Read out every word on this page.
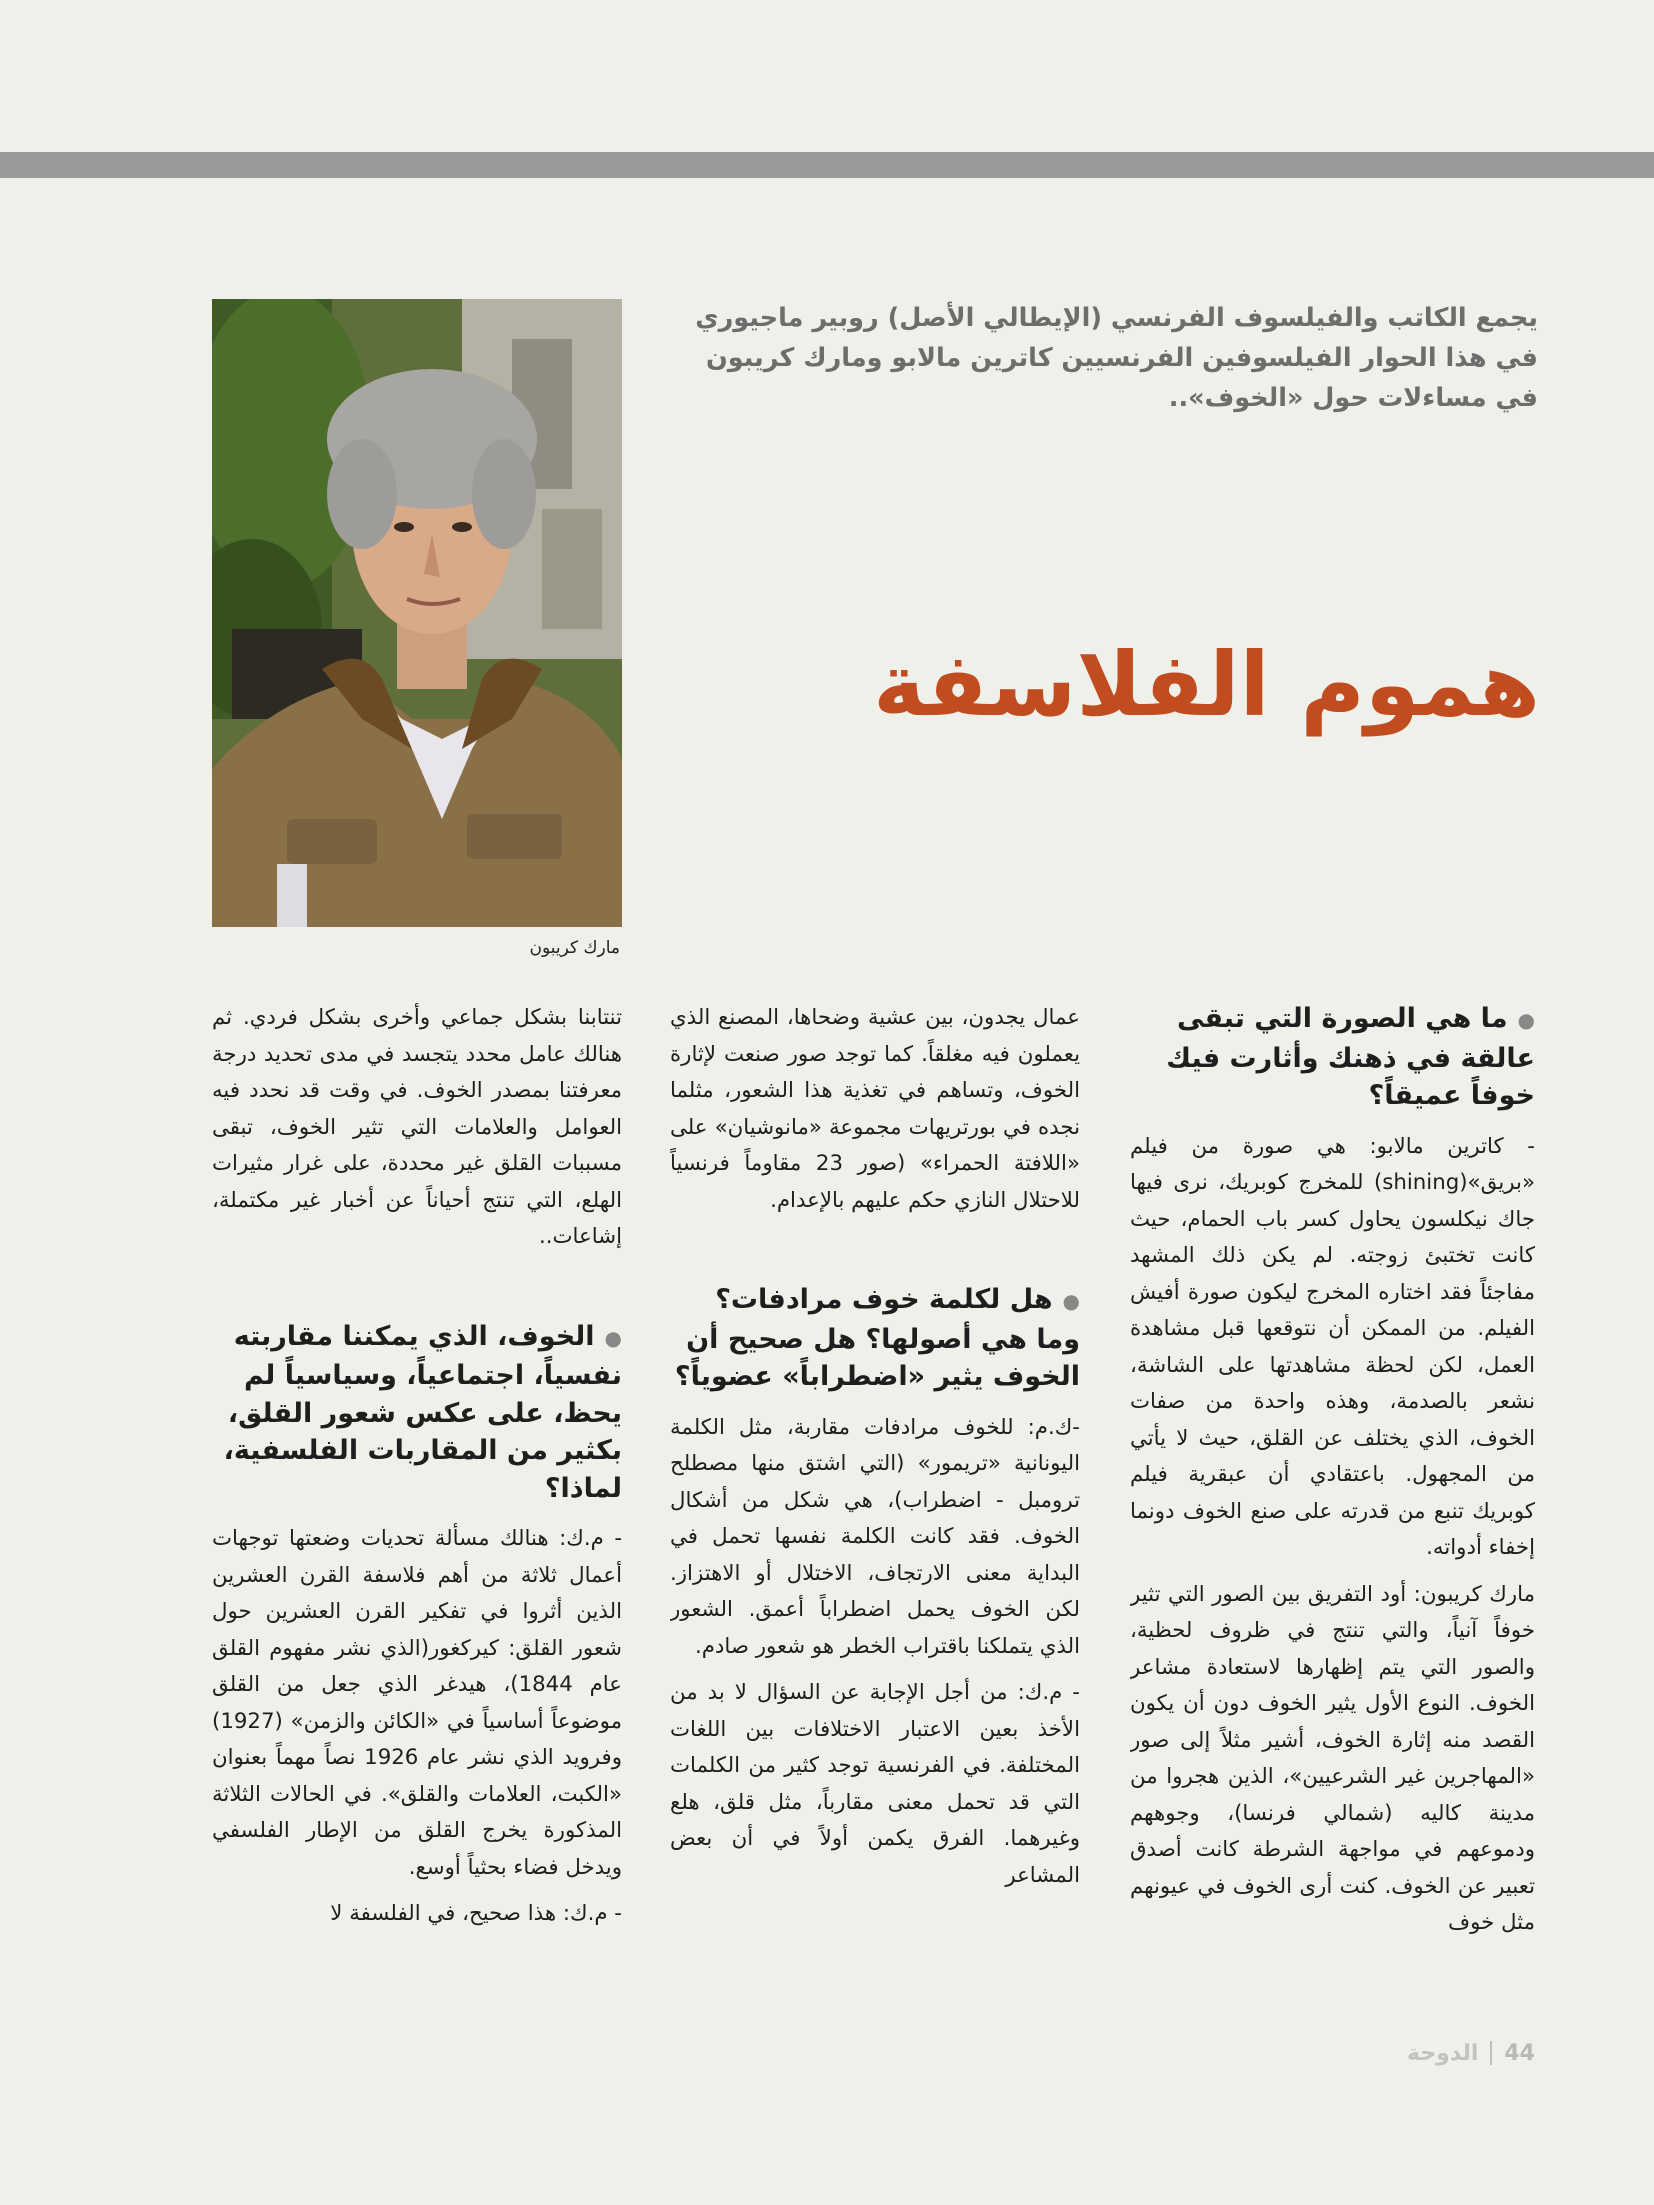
يجمع الكاتب والفيلسوف الفرنسي (الإيطالي الأصل) روبير ماجيوري في هذا الحوار الفيلسوفين الفرنسيين كاترين مالابو ومارك كريبون في مساءلات حول «الخوف»..
هموم الفلاسفة
مارك كريبون

●ما هي الصورة التي تبقى عالقة في ذهنك وأثارت فيك خوفاً عميقاً؟

- كاترين مالابو: هي صورة من فيلم «بريق»(shining) للمخرج كوبريك، نرى فيها جاك نيكلسون يحاول كسر باب الحمام، حيث كانت تختبئ زوجته. لم يكن ذلك المشهد مفاجئاً فقد اختاره المخرج ليكون صورة أفيش الفيلم. من الممكن أن نتوقعها قبل مشاهدة العمل، لكن لحظة مشاهدتها على الشاشة، نشعر بالصدمة، وهذه واحدة من صفات الخوف، الذي يختلف عن القلق، حيث لا يأتي من المجهول. باعتقادي أن عبقرية فيلم كوبريك تنبع من قدرته على صنع الخوف دونما إخفاء أدواته.

مارك كريبون: أود التفريق بين الصور التي تثير خوفاً آنياً، والتي تنتج في ظروف لحظية، والصور التي يتم إظهارها لاستعادة مشاعر الخوف. النوع الأول يثير الخوف دون أن يكون القصد منه إثارة الخوف، أشير مثلاً إلى صور «المهاجرين غير الشرعيين»، الذين هجروا من مدينة كاليه (شمالي فرنسا)، وجوههم ودموعهم في مواجهة الشرطة كانت أصدق تعبير عن الخوف. كنت أرى الخوف في عيونهم مثل خوف

عمال يجدون، بين عشية وضحاها، المصنع الذي يعملون فيه مغلقاً. كما توجد صور صنعت لإثارة الخوف، وتساهم في تغذية هذا الشعور، مثلما نجده في بورتريهات مجموعة «مانوشيان» على «اللافتة الحمراء» (صور 23 مقاوماً فرنسياً للاحتلال النازي حكم عليهم بالإعدام.

●هل لكلمة خوف مرادفات؟ وما هي أصولها؟ هل صحيح أن الخوف يثير «اضطراباً» عضوياً؟

-ك.م: للخوف مرادفات مقاربة، مثل الكلمة اليونانية «تريمور» (التي اشتق منها مصطلح ترومبل - اضطراب)، هي شكل من أشكال الخوف. فقد كانت الكلمة نفسها تحمل في البداية معنى الارتجاف، الاختلال أو الاهتزاز. لكن الخوف يحمل اضطراباً أعمق. الشعور الذي يتملكنا باقتراب الخطر هو شعور صادم.

- م.ك: من أجل الإجابة عن السؤال لا بد من الأخذ بعين الاعتبار الاختلافات بين اللغات المختلفة. في الفرنسية توجد كثير من الكلمات التي قد تحمل معنى مقارباً، مثل قلق، هلع وغيرهما. الفرق يكمن أولاً في أن بعض المشاعر

تنتابنا بشكل جماعي وأخرى بشكل فردي. ثم هنالك عامل محدد يتجسد في مدى تحديد درجة معرفتنا بمصدر الخوف. في وقت قد نحدد فيه العوامل والعلامات التي تثير الخوف، تبقى مسببات القلق غير محددة، على غرار مثيرات الهلع، التي تنتج أحياناً عن أخبار غير مكتملة، إشاعات..

●الخوف، الذي يمكننا مقاربته نفسياً، اجتماعياً، وسياسياً لم يحظ، على عكس شعور القلق، بكثير من المقاربات الفلسفية، لماذا؟

- م.ك: هنالك مسألة تحديات وضعتها توجهات أعمال ثلاثة من أهم فلاسفة القرن العشرين الذين أثروا في تفكير القرن العشرين حول شعور القلق: كيركغور(الذي نشر مفهوم القلق عام 1844)، هيدغر الذي جعل من القلق موضوعاً أساسياً في «الكائن والزمن» (1927) وفرويد الذي نشر عام 1926 نصاً مهماً بعنوان «الكبت، العلامات والقلق». في الحالات الثلاثة المذكورة يخرج القلق من الإطار الفلسفي ويدخل فضاء بحثياً أوسع.

- م.ك: هذا صحيح، في الفلسفة لا

44
الدوحة
